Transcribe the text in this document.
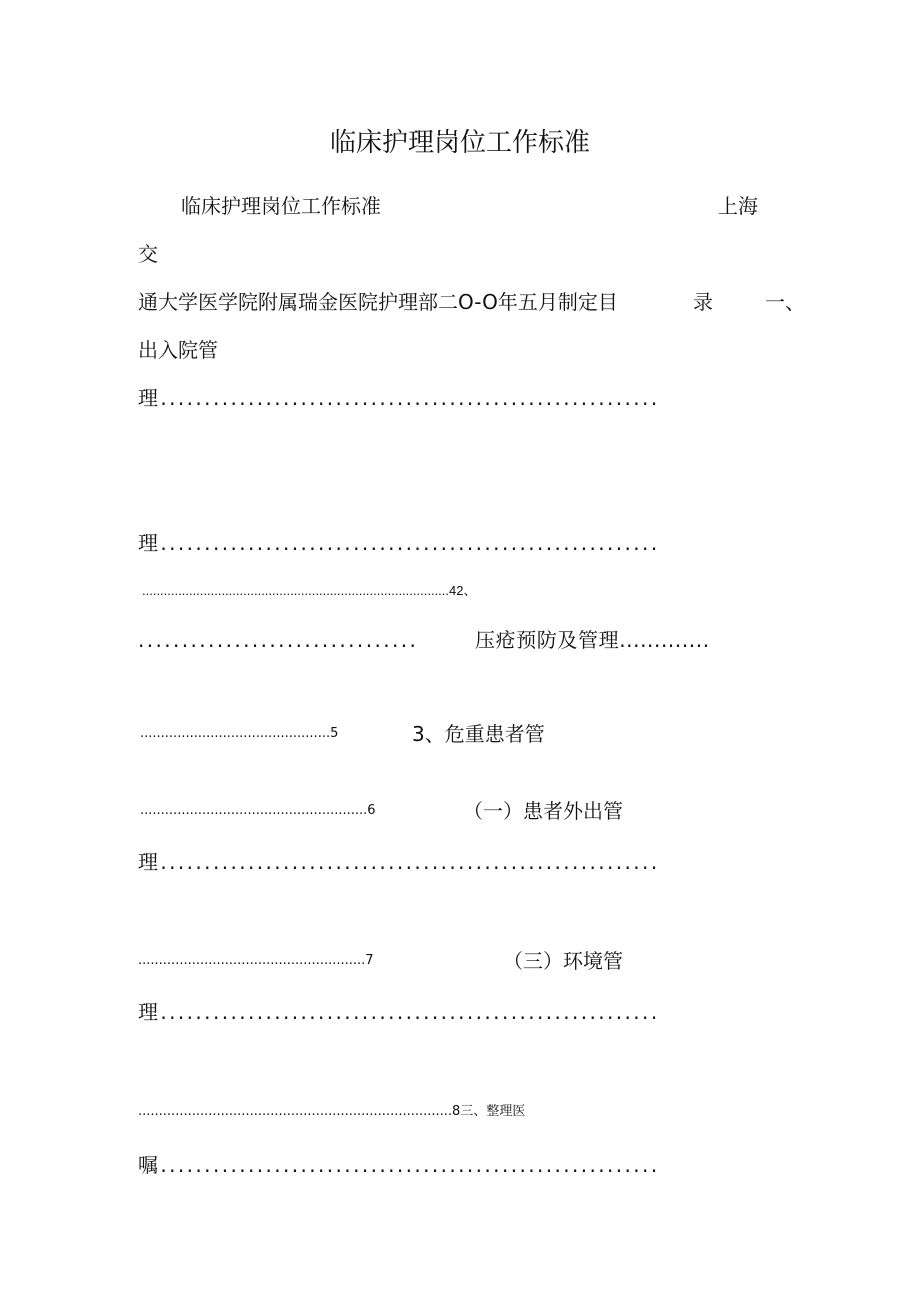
临床护理岗位工作标准
临床护理岗位工作标准	上海
交
通大学医学院附属瑞金医院护理部二O-O年五月制定目	录	一、
出入院管
理.........................................................
理.........................................................
.....................................................................................42、
................................	压疮预防及管理.............
..............................................5	3、危重患者管
.......................................................6	（一）患者外出管
理.........................................................
.......................................................7	（三）环境管
理.........................................................
............................................................................8三、整理医
嘱.........................................................
